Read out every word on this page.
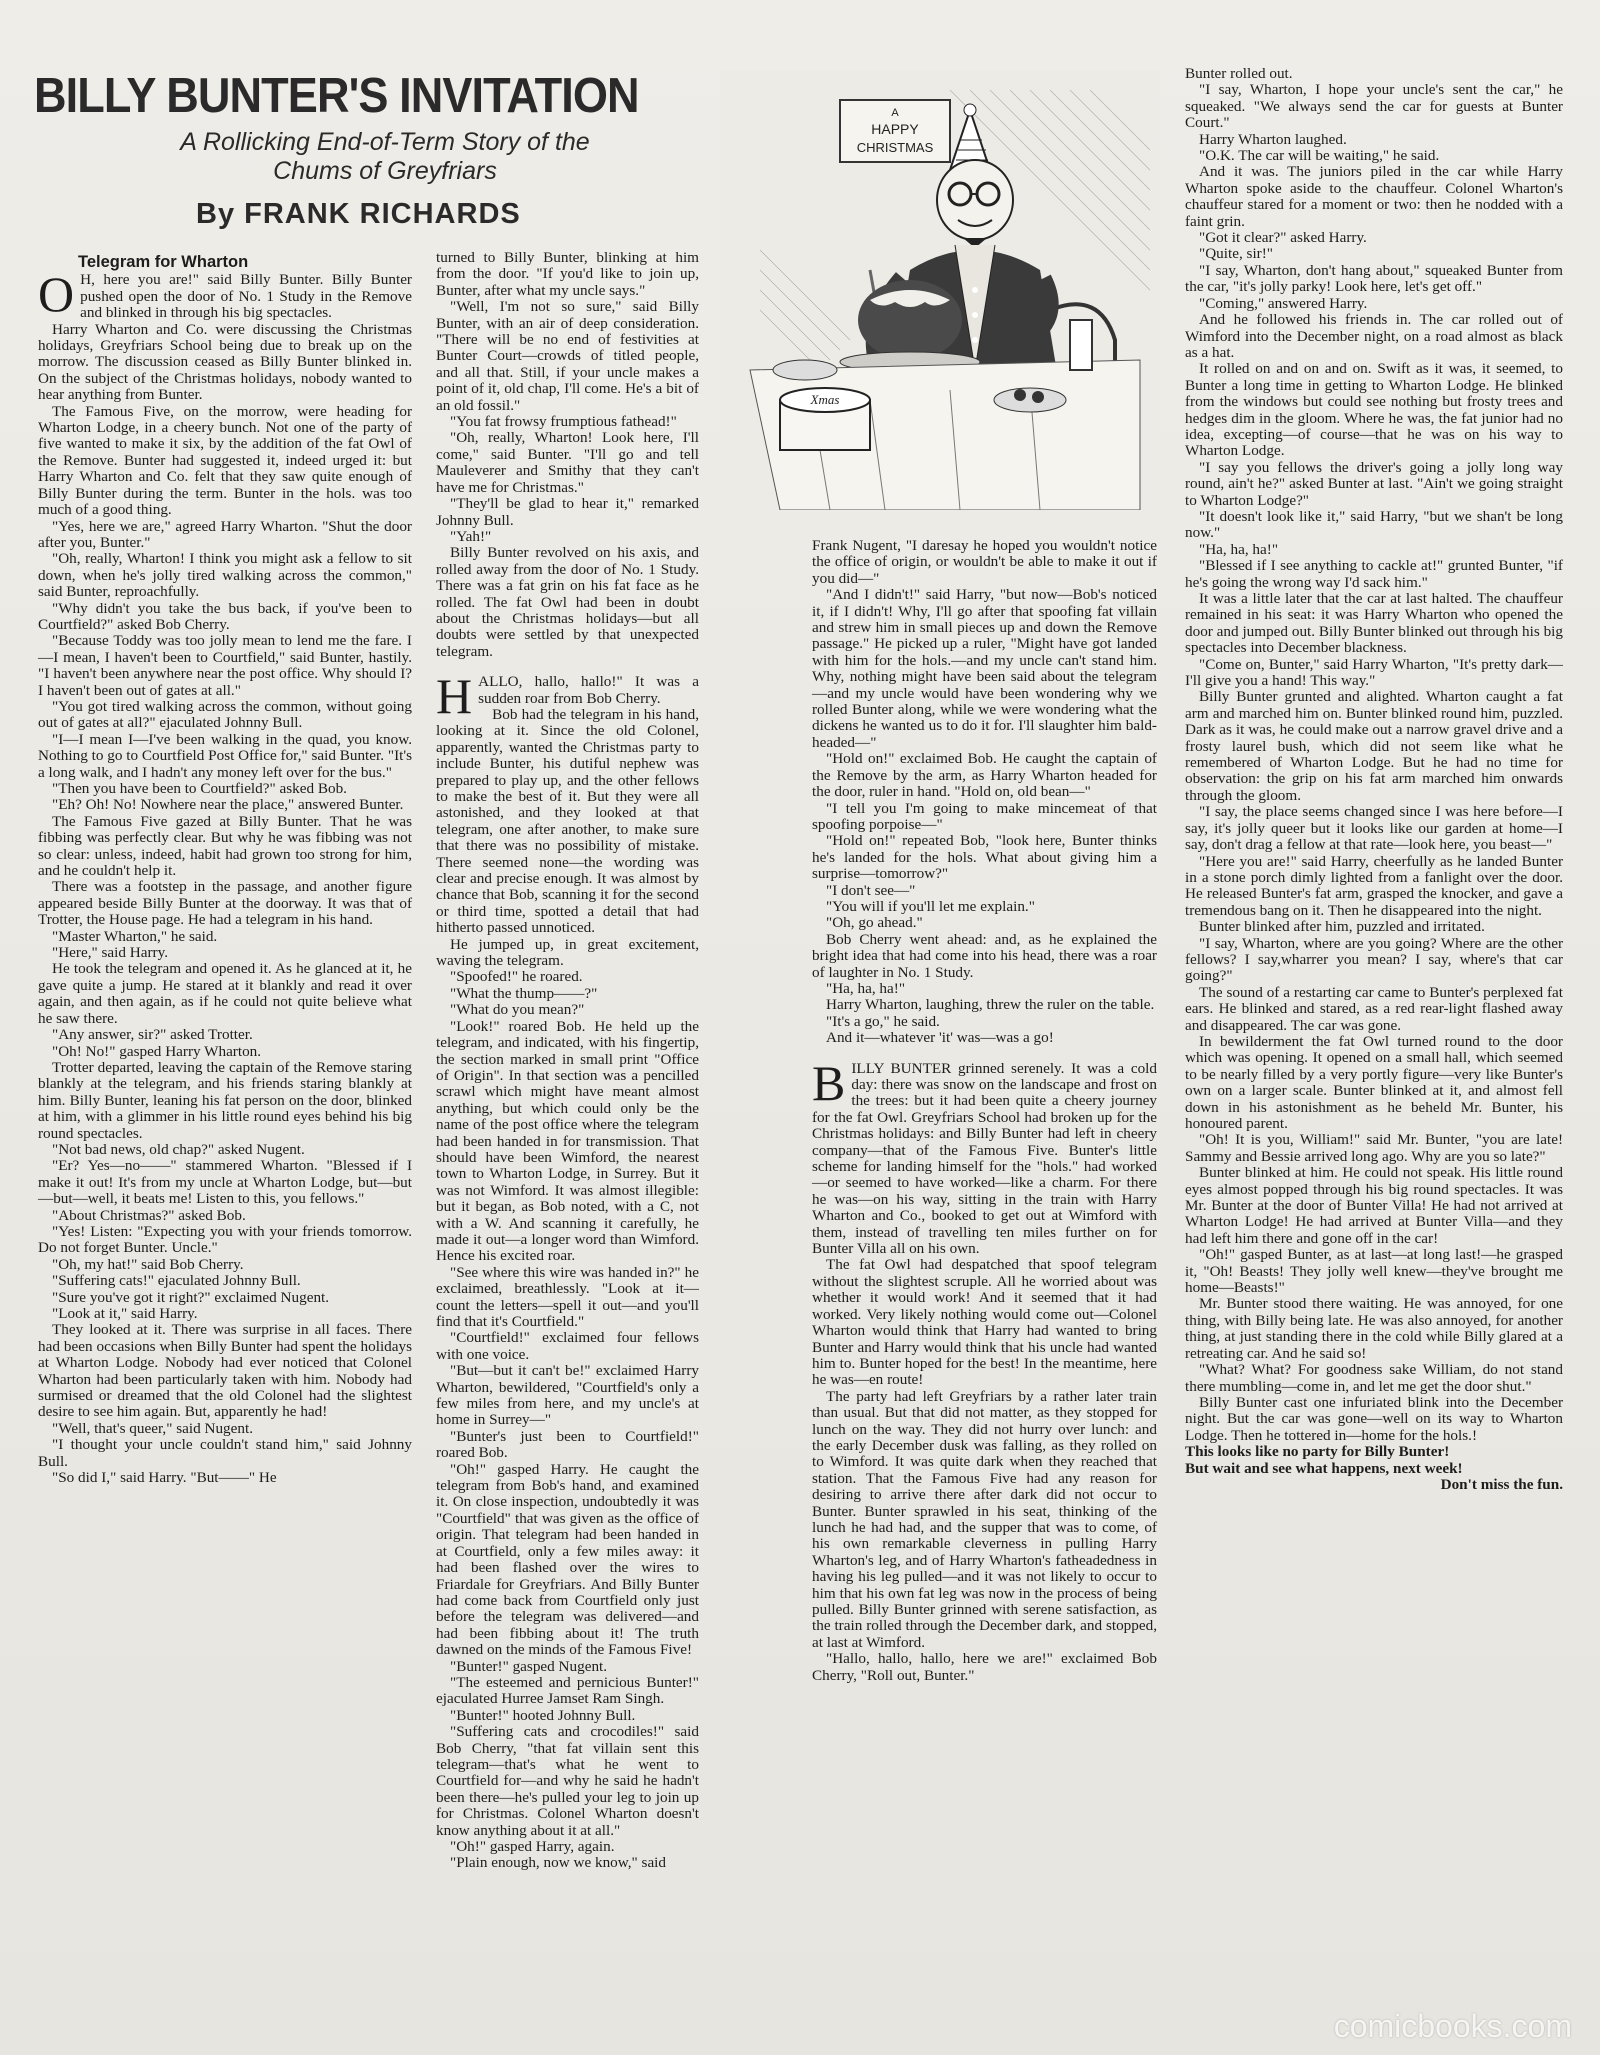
BILLY BUNTER'S INVITATION
A Rollicking End-of-Term Story of the
Chums of Greyfriars
By FRANK RICHARDS
A
HAPPY
CHRISTMAS
Xmas

Telegram for Wharton

O H, here you are!" said Billy Bunter. Billy Bunter pushed open the door of No. 1 Study in the Remove and blinked in through his big spectacles.

Harry Wharton and Co. were discussing the Christmas holidays, Greyfriars School being due to break up on the morrow. The discussion ceased as Billy Bunter blinked in. On the subject of the Christmas holidays, nobody wanted to hear anything from Bunter.

The Famous Five, on the morrow, were heading for Wharton Lodge, in a cheery bunch. Not one of the party of five wanted to make it six, by the addition of the fat Owl of the Remove. Bunter had suggested it, indeed urged it: but Harry Wharton and Co. felt that they saw quite enough of Billy Bunter during the term. Bunter in the hols. was too much of a good thing.

"Yes, here we are," agreed Harry Wharton. "Shut the door after you, Bunter."

"Oh, really, Wharton! I think you might ask a fellow to sit down, when he's jolly tired walking across the common," said Bunter, reproachfully.

"Why didn't you take the bus back, if you've been to Courtfield?" asked Bob Cherry.

"Because Toddy was too jolly mean to lend me the fare. I—I mean, I haven't been to Courtfield," said Bunter, hastily. "I haven't been anywhere near the post office. Why should I? I haven't been out of gates at all."

"You got tired walking across the common, without going out of gates at all?" ejaculated Johnny Bull.

"I—I mean I—I've been walking in the quad, you know. Nothing to go to Courtfield Post Office for," said Bunter. "It's a long walk, and I hadn't any money left over for the bus."

"Then you have been to Courtfield?" asked Bob.

"Eh? Oh! No! Nowhere near the place," answered Bunter.

The Famous Five gazed at Billy Bunter. That he was fibbing was perfectly clear. But why he was fibbing was not so clear: unless, indeed, habit had grown too strong for him, and he couldn't help it.

There was a footstep in the passage, and another figure appeared beside Billy Bunter at the doorway. It was that of Trotter, the House page. He had a telegram in his hand.

"Master Wharton," he said.

"Here," said Harry.

He took the telegram and opened it. As he glanced at it, he gave quite a jump. He stared at it blankly and read it over again, and then again, as if he could not quite believe what he saw there.

"Any answer, sir?" asked Trotter.

"Oh! No!" gasped Harry Wharton.

Trotter departed, leaving the captain of the Remove staring blankly at the telegram, and his friends staring blankly at him. Billy Bunter, leaning his fat person on the door, blinked at him, with a glimmer in his little round eyes behind his big round spectacles.

"Not bad news, old chap?" asked Nugent.

"Er? Yes—no——" stammered Wharton. "Blessed if I make it out! It's from my uncle at Wharton Lodge, but—but—but—well, it beats me! Listen to this, you fellows."

"About Christmas?" asked Bob.

"Yes! Listen: "Expecting you with your friends tomorrow. Do not forget Bunter. Uncle."

"Oh, my hat!" said Bob Cherry.

"Suffering cats!" ejaculated Johnny Bull.

"Sure you've got it right?" exclaimed Nugent.

"Look at it," said Harry.

They looked at it. There was surprise in all faces. There had been occasions when Billy Bunter had spent the holidays at Wharton Lodge. Nobody had ever noticed that Colonel Wharton had been particularly taken with him. Nobody had surmised or dreamed that the old Colonel had the slightest desire to see him again. But, apparently he had!

"Well, that's queer," said Nugent.

"I thought your uncle couldn't stand him," said Johnny Bull.

"So did I," said Harry. "But——" He

turned to Billy Bunter, blinking at him from the door. "If you'd like to join up, Bunter, after what my uncle says."

"Well, I'm not so sure," said Billy Bunter, with an air of deep consideration. "There will be no end of festivities at Bunter Court—crowds of titled people, and all that. Still, if your uncle makes a point of it, old chap, I'll come. He's a bit of an old fossil."

"You fat frowsy frumptious fathead!"

"Oh, really, Wharton! Look here, I'll come," said Bunter. "I'll go and tell Mauleverer and Smithy that they can't have me for Christmas."

"They'll be glad to hear it," remarked Johnny Bull.

"Yah!"

Billy Bunter revolved on his axis, and rolled away from the door of No. 1 Study. There was a fat grin on his fat face as he rolled. The fat Owl had been in doubt about the Christmas holidays—but all doubts were settled by that unexpected telegram.

HALLO, hallo, hallo!" It was a sudden roar from Bob Cherry.

Bob had the telegram in his hand, looking at it. Since the old Colonel, apparently, wanted the Christmas party to include Bunter, his dutiful nephew was prepared to play up, and the other fellows to make the best of it. But they were all astonished, and they looked at that telegram, one after another, to make sure that there was no possibility of mistake. There seemed none—the wording was clear and precise enough. It was almost by chance that Bob, scanning it for the second or third time, spotted a detail that had hitherto passed unnoticed.

He jumped up, in great excitement, waving the telegram.

"Spoofed!" he roared.

"What the thump——?"

"What do you mean?"

"Look!" roared Bob. He held up the telegram, and indicated, with his fingertip, the section marked in small print "Office of Origin". In that section was a pencilled scrawl which might have meant almost anything, but which could only be the name of the post office where the telegram had been handed in for transmission. That should have been Wimford, the nearest town to Wharton Lodge, in Surrey. But it was not Wimford. It was almost illegible: but it began, as Bob noted, with a C, not with a W. And scanning it carefully, he made it out—a longer word than Wimford. Hence his excited roar.

"See where this wire was handed in?" he exclaimed, breathlessly. "Look at it—count the letters—spell it out—and you'll find that it's Courtfield."

"Courtfield!" exclaimed four fellows with one voice.

"But—but it can't be!" exclaimed Harry Wharton, bewildered, "Courtfield's only a few miles from here, and my uncle's at home in Surrey—"

"Bunter's just been to Courtfield!" roared Bob.

"Oh!" gasped Harry. He caught the telegram from Bob's hand, and examined it. On close inspection, undoubtedly it was "Courtfield" that was given as the office of origin. That telegram had been handed in at Courtfield, only a few miles away: it had been flashed over the wires to Friardale for Greyfriars. And Billy Bunter had come back from Courtfield only just before the telegram was delivered—and had been fibbing about it! The truth dawned on the minds of the Famous Five!

"Bunter!" gasped Nugent.

"The esteemed and pernicious Bunter!" ejaculated Hurree Jamset Ram Singh.

"Bunter!" hooted Johnny Bull.

"Suffering cats and crocodiles!" said Bob Cherry, "that fat villain sent this telegram—that's what he went to Courtfield for—and why he said he hadn't been there—he's pulled your leg to join up for Christmas. Colonel Wharton doesn't know anything about it at all."

"Oh!" gasped Harry, again.

"Plain enough, now we know," said

Frank Nugent, "I daresay he hoped you wouldn't notice the office of origin, or wouldn't be able to make it out if you did—"

"And I didn't!" said Harry, "but now—Bob's noticed it, if I didn't! Why, I'll go after that spoofing fat villain and strew him in small pieces up and down the Remove passage." He picked up a ruler, "Might have got landed with him for the hols.—and my uncle can't stand him. Why, nothing might have been said about the telegram—and my uncle would have been wondering why we rolled Bunter along, while we were wondering what the dickens he wanted us to do it for. I'll slaughter him bald-headed—"

"Hold on!" exclaimed Bob. He caught the captain of the Remove by the arm, as Harry Wharton headed for the door, ruler in hand. "Hold on, old bean—"

"I tell you I'm going to make mincemeat of that spoofing porpoise—"

"Hold on!" repeated Bob, "look here, Bunter thinks he's landed for the hols. What about giving him a surprise—tomorrow?"

"I don't see—"

"You will if you'll let me explain."

"Oh, go ahead."

Bob Cherry went ahead: and, as he explained the bright idea that had come into his head, there was a roar of laughter in No. 1 Study.

"Ha, ha, ha!"

Harry Wharton, laughing, threw the ruler on the table.

"It's a go," he said.

And it—whatever 'it' was—was a go!

BILLY BUNTER grinned serenely. It was a cold day: there was snow on the landscape and frost on the trees: but it had been quite a cheery journey for the fat Owl. Greyfriars School had broken up for the Christmas holidays: and Billy Bunter had left in cheery company—that of the Famous Five. Bunter's little scheme for landing himself for the "hols." had worked—or seemed to have worked—like a charm. For there he was—on his way, sitting in the train with Harry Wharton and Co., booked to get out at Wimford with them, instead of travelling ten miles further on for Bunter Villa all on his own.

The fat Owl had despatched that spoof telegram without the slightest scruple. All he worried about was whether it would work! And it seemed that it had worked. Very likely nothing would come out—Colonel Wharton would think that Harry had wanted to bring Bunter and Harry would think that his uncle had wanted him to. Bunter hoped for the best! In the meantime, here he was—en route!

The party had left Greyfriars by a rather later train than usual. But that did not matter, as they stopped for lunch on the way. They did not hurry over lunch: and the early December dusk was falling, as they rolled on to Wimford. It was quite dark when they reached that station. That the Famous Five had any reason for desiring to arrive there after dark did not occur to Bunter. Bunter sprawled in his seat, thinking of the lunch he had had, and the supper that was to come, of his own remarkable cleverness in pulling Harry Wharton's leg, and of Harry Wharton's fatheadedness in having his leg pulled—and it was not likely to occur to him that his own fat leg was now in the process of being pulled. Billy Bunter grinned with serene satisfaction, as the train rolled through the December dark, and stopped, at last at Wimford.

"Hallo, hallo, hallo, here we are!" exclaimed Bob Cherry, "Roll out, Bunter."

Bunter rolled out.

"I say, Wharton, I hope your uncle's sent the car," he squeaked. "We always send the car for guests at Bunter Court."

Harry Wharton laughed.

"O.K. The car will be waiting," he said.

And it was. The juniors piled in the car while Harry Wharton spoke aside to the chauffeur. Colonel Wharton's chauffeur stared for a moment or two: then he nodded with a faint grin.

"Got it clear?" asked Harry.

"Quite, sir!"

"I say, Wharton, don't hang about," squeaked Bunter from the car, "it's jolly parky! Look here, let's get off."

"Coming," answered Harry.

And he followed his friends in. The car rolled out of Wimford into the December night, on a road almost as black as a hat.

It rolled on and on and on. Swift as it was, it seemed, to Bunter a long time in getting to Wharton Lodge. He blinked from the windows but could see nothing but frosty trees and hedges dim in the gloom. Where he was, the fat junior had no idea, excepting—of course—that he was on his way to Wharton Lodge.

"I say you fellows the driver's going a jolly long way round, ain't he?" asked Bunter at last. "Ain't we going straight to Wharton Lodge?"

"It doesn't look like it," said Harry, "but we shan't be long now."

"Ha, ha, ha!"

"Blessed if I see anything to cackle at!" grunted Bunter, "if he's going the wrong way I'd sack him."

It was a little later that the car at last halted. The chauffeur remained in his seat: it was Harry Wharton who opened the door and jumped out. Billy Bunter blinked out through his big spectacles into December blackness.

"Come on, Bunter," said Harry Wharton, "It's pretty dark—I'll give you a hand! This way."

Billy Bunter grunted and alighted. Wharton caught a fat arm and marched him on. Bunter blinked round him, puzzled. Dark as it was, he could make out a narrow gravel drive and a frosty laurel bush, which did not seem like what he remembered of Wharton Lodge. But he had no time for observation: the grip on his fat arm marched him onwards through the gloom.

"I say, the place seems changed since I was here before—I say, it's jolly queer but it looks like our garden at home—I say, don't drag a fellow at that rate—look here, you beast—"

"Here you are!" said Harry, cheerfully as he landed Bunter in a stone porch dimly lighted from a fanlight over the door. He released Bunter's fat arm, grasped the knocker, and gave a tremendous bang on it. Then he disappeared into the night.

Bunter blinked after him, puzzled and irritated.

"I say, Wharton, where are you going? Where are the other fellows? I say,wharrer you mean? I say, where's that car going?"

The sound of a restarting car came to Bunter's perplexed fat ears. He blinked and stared, as a red rear-light flashed away and disappeared. The car was gone.

In bewilderment the fat Owl turned round to the door which was opening. It opened on a small hall, which seemed to be nearly filled by a very portly figure—very like Bunter's own on a larger scale. Bunter blinked at it, and almost fell down in his astonishment as he beheld Mr. Bunter, his honoured parent.

"Oh! It is you, William!" said Mr. Bunter, "you are late! Sammy and Bessie arrived long ago. Why are you so late?"

Bunter blinked at him. He could not speak. His little round eyes almost popped through his big round spectacles. It was Mr. Bunter at the door of Bunter Villa! He had not arrived at Wharton Lodge! He had arrived at Bunter Villa—and they had left him there and gone off in the car!

"Oh!" gasped Bunter, as at last—at long last!—he grasped it, "Oh! Beasts! They jolly well knew—they've brought me home—Beasts!"

Mr. Bunter stood there waiting. He was annoyed, for one thing, with Billy being late. He was also annoyed, for another thing, at just standing there in the cold while Billy glared at a retreating car. And he said so!

"What? What? For goodness sake William, do not stand there mumbling—come in, and let me get the door shut."

Billy Bunter cast one infuriated blink into the December night. But the car was gone—well on its way to Wharton Lodge. Then he tottered in—home for the hols.!

This looks like no party for Billy Bunter!

But wait and see what happens, next week!

Don't miss the fun.

comicbooks.com
